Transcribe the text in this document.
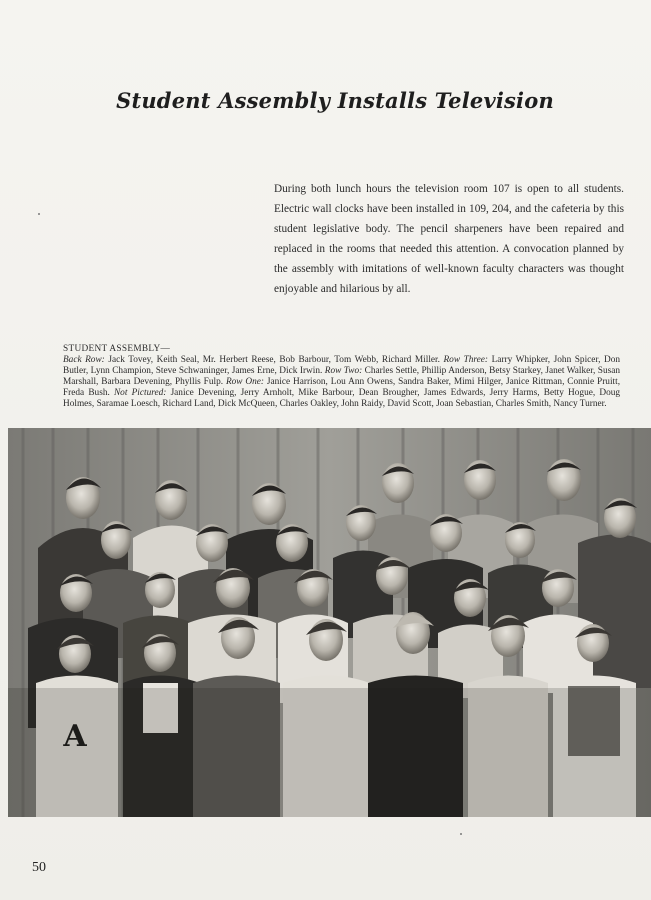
Student Assembly Installs Television
During both lunch hours the television room 107 is open to all students. Electric wall clocks have been installed in 109, 204, and the cafeteria by this student legislative body. The pencil sharpeners have been repaired and replaced in the rooms that needed this attention. A convocation planned by the assembly with imitations of well-known faculty characters was thought enjoyable and hilarious by all.
STUDENT ASSEMBLY—
Back Row: Jack Tovey, Keith Seal, Mr. Herbert Reese, Bob Barbour, Tom Webb, Richard Miller. Row Three: Larry Whipker, John Spicer, Don Butler, Lynn Champion, Steve Schwaninger, James Erne, Dick Irwin. Row Two: Charles Settle, Phillip Anderson, Betsy Starkey, Janet Walker, Susan Marshall, Barbara Devening, Phyllis Fulp. Row One: Janice Harrison, Lou Ann Owens, Sandra Baker, Mimi Hilger, Janice Rittman, Connie Pruitt, Freda Bush. Not Pictured: Janice Devening, Jerry Arnholt, Mike Barbour, Dean Brougher, James Edwards, Jerry Harms, Betty Hogue, Doug Holmes, Saramae Loesch, Richard Land, Dick McQueen, Charles Oakley, John Raidy, David Scott, Joan Sebastian, Charles Smith, Nancy Turner.
A
50
